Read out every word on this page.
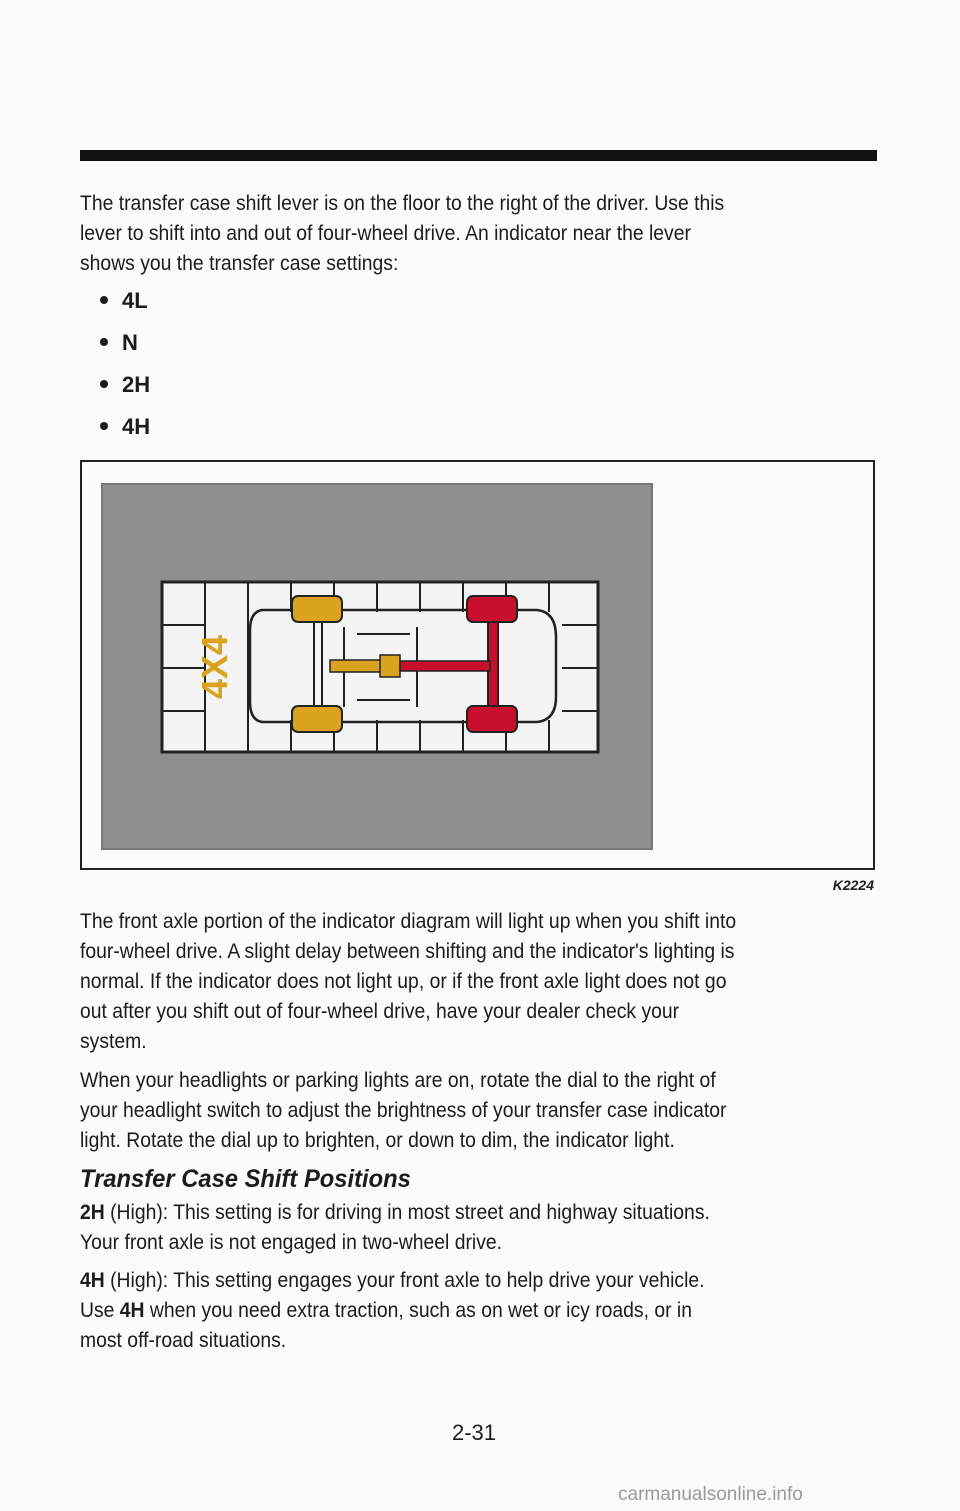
The transfer case shift lever is on the floor to the right of the driver. Use this
lever to shift into and out of four-wheel drive. An indicator near the lever
shows you the transfer case settings:
4L
N
2H
4H
4X4
K2224
The front axle portion of the indicator diagram will light up when you shift into
four-wheel drive. A slight delay between shifting and the indicator's lighting is
normal. If the indicator does not light up, or if the front axle light does not go
out after you shift out of four-wheel drive, have your dealer check your
system.
When your headlights or parking lights are on, rotate the dial to the right of
your headlight switch to adjust the brightness of your transfer case indicator
light. Rotate the dial up to brighten, or down to dim, the indicator light.
Transfer Case Shift Positions
2H (High): This setting is for driving in most street and highway situations.
Your front axle is not engaged in two-wheel drive.
4H (High): This setting engages your front axle to help drive your vehicle.
Use 4H when you need extra traction, such as on wet or icy roads, or in
most off-road situations.
2-31
carmanualsonline.info
